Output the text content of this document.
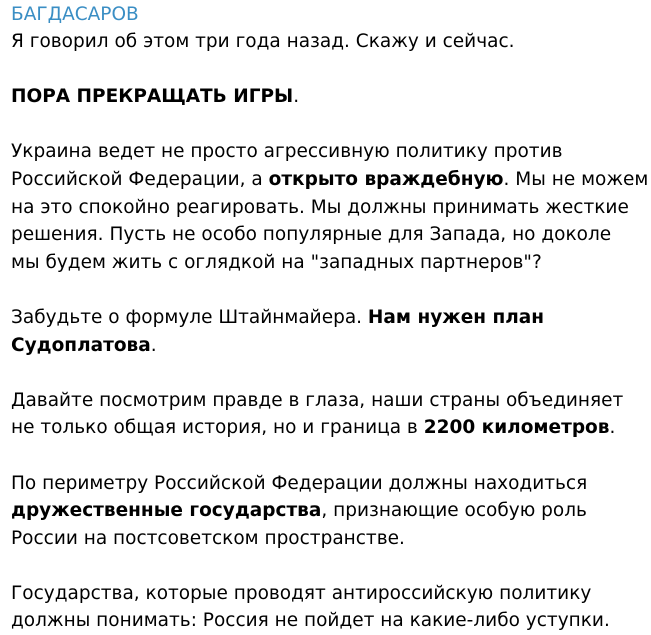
БАГДАСАРОВ
Я говорил об этом три года назад. Скажу и сейчас.
ПОРА ПРЕКРАЩАТЬ ИГРЫ.
Украина ведет не просто агрессивную политику против
Российской Федерации, а открыто враждебную. Мы не можем
на это спокойно реагировать. Мы должны принимать жесткие
решения. Пусть не особо популярные для Запада, но доколе
мы будем жить с оглядкой на "западных партнеров"?
Забудьте о формуле Штайнмайера. Нам нужен план
Судоплатова.
Давайте посмотрим правде в глаза, наши страны объединяет
не только общая история, но и граница в 2200 километров.
По периметру Российской Федерации должны находиться
дружественные государства, признающие особую роль
России на постсоветском пространстве.
Государства, которые проводят антироссийскую политику
должны понимать: Россия не пойдет на какие-либо уступки.
